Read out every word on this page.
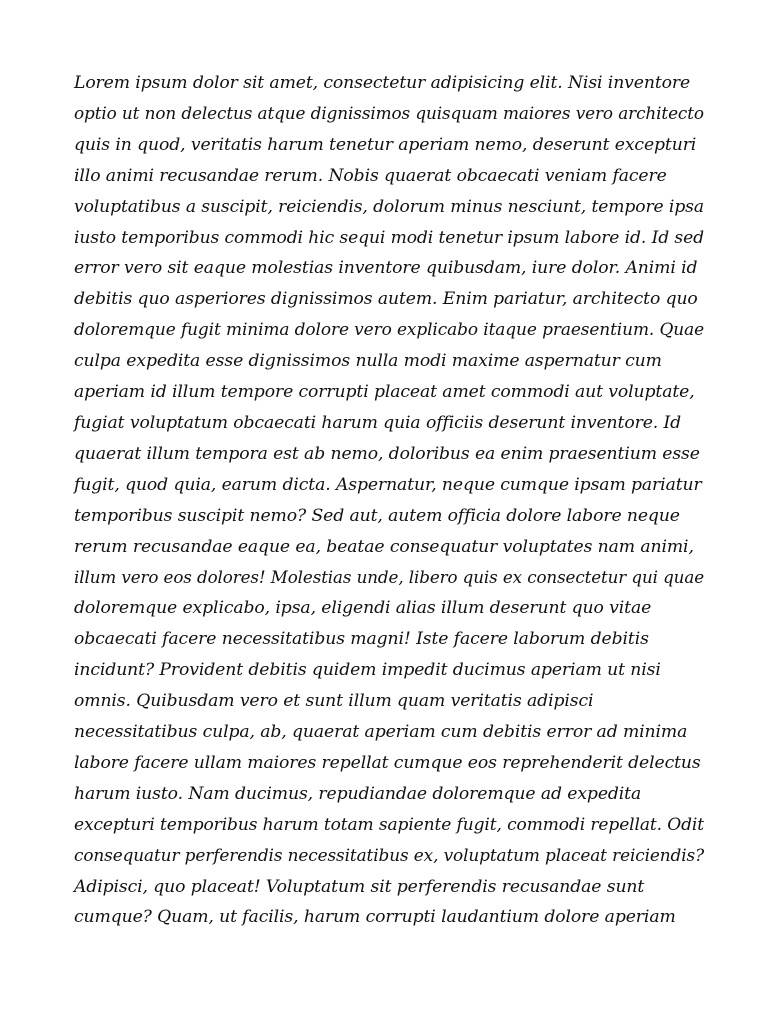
Lorem ipsum dolor sit amet, consectetur adipisicing elit. Nisi inventore
optio ut non delectus atque dignissimos quisquam maiores vero architecto
quis in quod, veritatis harum tenetur aperiam nemo, deserunt excepturi
illo animi recusandae rerum. Nobis quaerat obcaecati veniam facere
voluptatibus a suscipit, reiciendis, dolorum minus nesciunt, tempore ipsa
iusto temporibus commodi hic sequi modi tenetur ipsum labore id. Id sed
error vero sit eaque molestias inventore quibusdam, iure dolor. Animi id
debitis quo asperiores dignissimos autem. Enim pariatur, architecto quo
doloremque fugit minima dolore vero explicabo itaque praesentium. Quae
culpa expedita esse dignissimos nulla modi maxime aspernatur cum
aperiam id illum tempore corrupti placeat amet commodi aut voluptate,
fugiat voluptatum obcaecati harum quia officiis deserunt inventore. Id
quaerat illum tempora est ab nemo, doloribus ea enim praesentium esse
fugit, quod quia, earum dicta. Aspernatur, neque cumque ipsam pariatur
temporibus suscipit nemo? Sed aut, autem officia dolore labore neque
rerum recusandae eaque ea, beatae consequatur voluptates nam animi,
illum vero eos dolores! Molestias unde, libero quis ex consectetur qui quae
doloremque explicabo, ipsa, eligendi alias illum deserunt quo vitae
obcaecati facere necessitatibus magni! Iste facere laborum debitis
incidunt? Provident debitis quidem impedit ducimus aperiam ut nisi
omnis. Quibusdam vero et sunt illum quam veritatis adipisci
necessitatibus culpa, ab, quaerat aperiam cum debitis error ad minima
labore facere ullam maiores repellat cumque eos reprehenderit delectus
harum iusto. Nam ducimus, repudiandae doloremque ad expedita
excepturi temporibus harum totam sapiente fugit, commodi repellat. Odit
consequatur perferendis necessitatibus ex, voluptatum placeat reiciendis?
Adipisci, quo placeat! Voluptatum sit perferendis recusandae sunt
cumque? Quam, ut facilis, harum corrupti laudantium dolore aperiam
